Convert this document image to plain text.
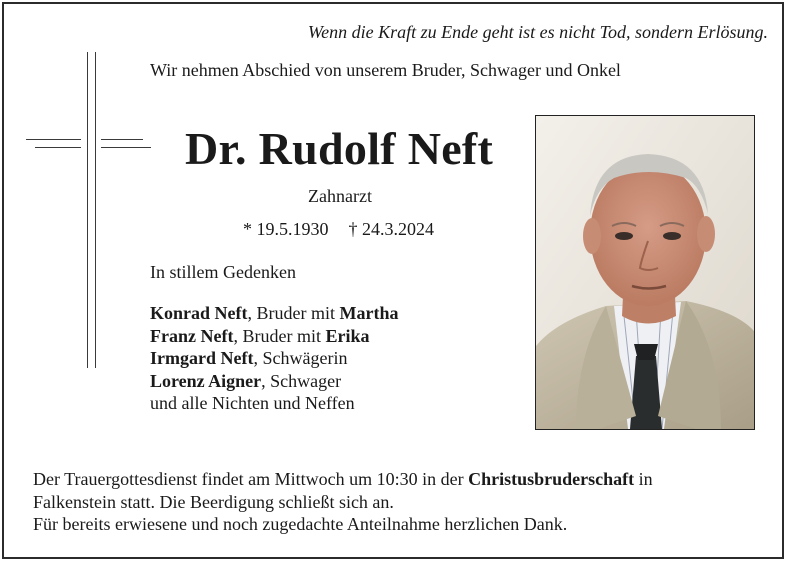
Wenn die Kraft zu Ende geht ist es nicht Tod, sondern Erlösung.
Wir nehmen Abschied von unserem Bruder, Schwager und Onkel
Dr. Rudolf Neft
Zahnarzt
* 19.5.1930 † 24.3.2024
In stillem Gedenken
Konrad Neft, Bruder mit Martha
Franz Neft, Bruder mit Erika
Irmgard Neft, Schwägerin
Lorenz Aigner, Schwager
und alle Nichten und Neffen
Der Trauergottesdienst findet am Mittwoch um 10:30 in der Christusbruderschaft in
Falkenstein statt. Die Beerdigung schließt sich an.
Für bereits erwiesene und noch zugedachte Anteilnahme herzlichen Dank.
